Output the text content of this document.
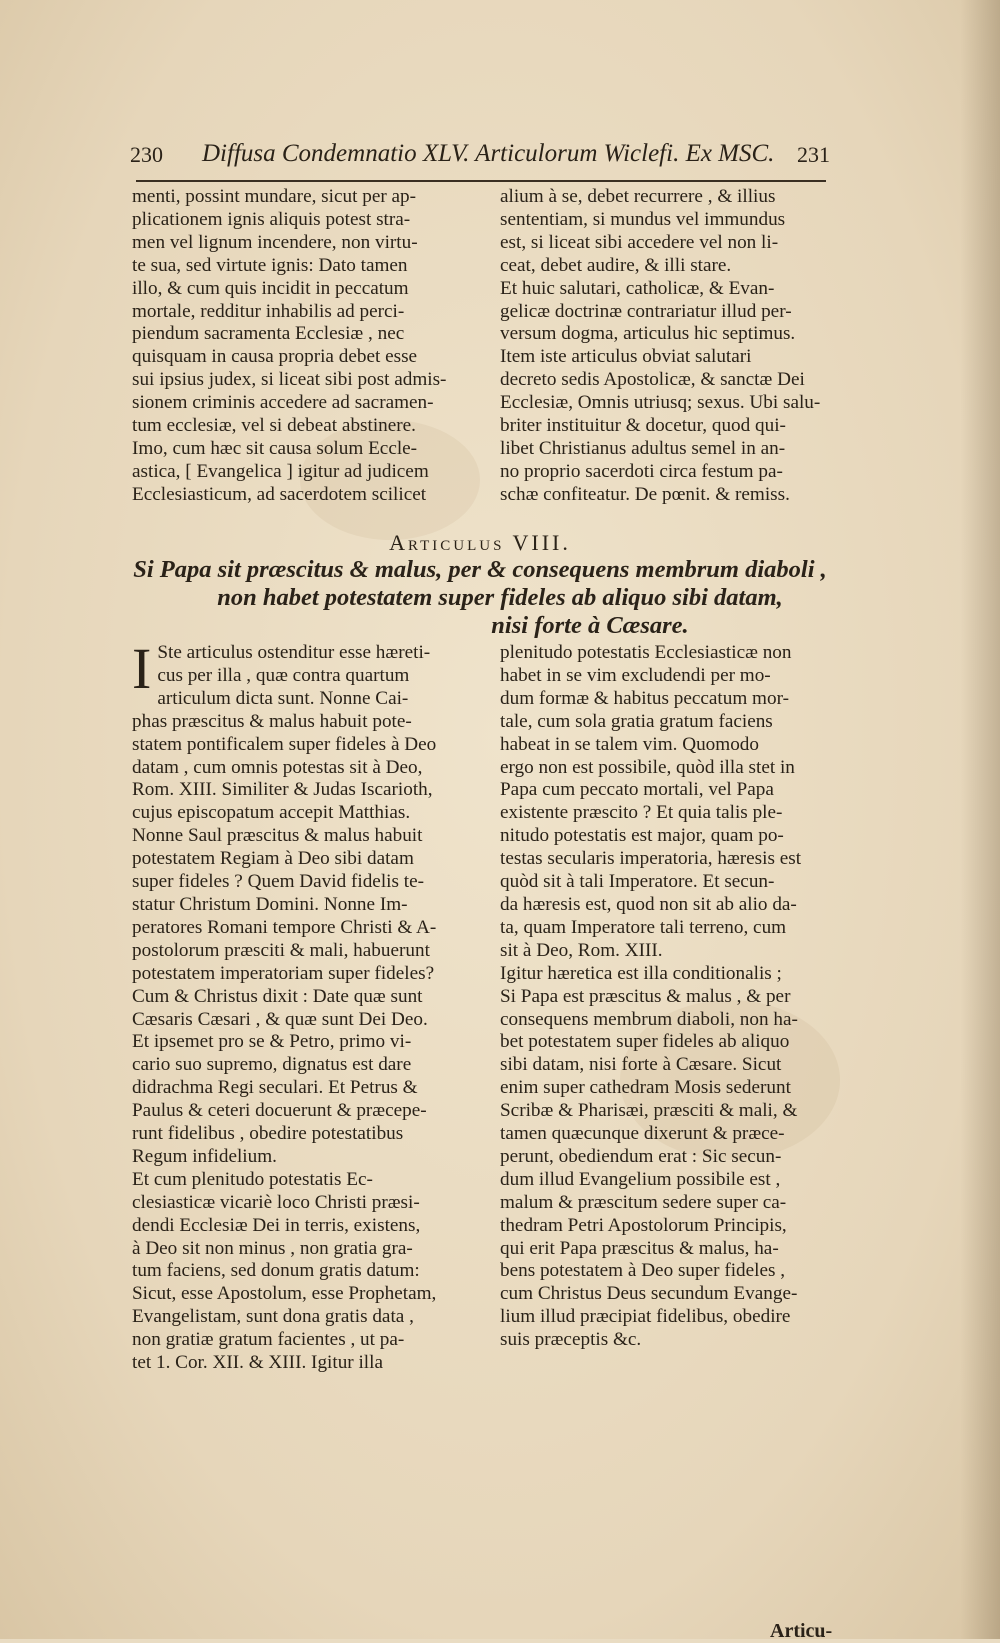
230 Diffusa Condemnatio XLV. Articulorum Wiclefi. Ex MSC. 231
menti, possint mundare, sicut per ap-
plicationem ignis aliquis potest stra-
men vel lignum incendere, non virtu-
te sua, sed virtute ignis: Dato tamen
illo, & cum quis incidit in peccatum
mortale, redditur inhabilis ad perci-
piendum sacramenta Ecclesiæ , nec
quisquam in causa propria debet esse
sui ipsius judex, si liceat sibi post admis-
sionem criminis accedere ad sacramen-
tum ecclesiæ, vel si debeat abstinere.
Imo, cum hæc sit causa solum Eccle-
astica, [ Evangelica ] igitur ad judicem
Ecclesiasticum, ad sacerdotem scilicet
alium à se, debet recurrere , & illius
sententiam, si mundus vel immundus
est, si liceat sibi accedere vel non li-
ceat, debet audire, & illi stare.
Et huic salutari, catholicæ, & Evan-
gelicæ doctrinæ contrariatur illud per-
versum dogma, articulus hic septimus.
Item iste articulus obviat salutari
decreto sedis Apostolicæ, & sanctæ Dei
Ecclesiæ, Omnis utriusq; sexus. Ubi salu-
briter instituitur & docetur, quod qui-
libet Christianus adultus semel in an-
no proprio sacerdoti circa festum pa-
schæ confiteatur. De pœnit. & remiss.
Articulus VIII.
Si Papa sit præscitus & malus, per & consequens membrum diaboli ,
non habet potestatem super fideles ab aliquo sibi datam,
nisi forte à Cæsare.
I Ste articulus ostenditur esse hæreti-
cus per illa , quæ contra quartum
articulum dicta sunt. Nonne Cai-
phas præscitus & malus habuit pote-
statem pontificalem super fideles à Deo
datam , cum omnis potestas sit à Deo,
Rom. XIII. Similiter & Judas Iscarioth,
cujus episcopatum accepit Matthias.
Nonne Saul præscitus & malus habuit
potestatem Regiam à Deo sibi datam
super fideles ? Quem David fidelis te-
statur Christum Domini. Nonne Im-
peratores Romani tempore Christi & A-
postolorum præsciti & mali, habuerunt
potestatem imperatoriam super fideles?
Cum & Christus dixit : Date quæ sunt
Cæsaris Cæsari , & quæ sunt Dei Deo.
Et ipsemet pro se & Petro, primo vi-
cario suo supremo, dignatus est dare
didrachma Regi seculari. Et Petrus &
Paulus & ceteri docuerunt & præcepe-
runt fidelibus , obedire potestatibus
Regum infidelium.
Et cum plenitudo potestatis Ec-
clesiasticæ vicariè loco Christi præsi-
dendi Ecclesiæ Dei in terris, existens,
à Deo sit non minus , non gratia gra-
tum faciens, sed donum gratis datum:
Sicut, esse Apostolum, esse Prophetam,
Evangelistam, sunt dona gratis data ,
non gratiæ gratum facientes , ut pa-
tet 1. Cor. XII. & XIII. Igitur illa
plenitudo potestatis Ecclesiasticæ non
habet in se vim excludendi per mo-
dum formæ & habitus peccatum mor-
tale, cum sola gratia gratum faciens
habeat in se talem vim. Quomodo
ergo non est possibile, quòd illa stet in
Papa cum peccato mortali, vel Papa
existente præscito ? Et quia talis ple-
nitudo potestatis est major, quam po-
testas secularis imperatoria, hæresis est
quòd sit à tali Imperatore. Et secun-
da hæresis est, quod non sit ab alio da-
ta, quam Imperatore tali terreno, cum
sit à Deo, Rom. XIII.
Igitur hæretica est illa conditionalis ;
Si Papa est præscitus & malus , & per
consequens membrum diaboli, non ha-
bet potestatem super fideles ab aliquo
sibi datam, nisi forte à Cæsare. Sicut
enim super cathedram Mosis sederunt
Scribæ & Pharisæi, præsciti & mali, &
tamen quæcunque dixerunt & præce-
perunt, obediendum erat : Sic secun-
dum illud Evangelium possibile est ,
malum & præscitum sedere super ca-
thedram Petri Apostolorum Principis,
qui erit Papa præscitus & malus, ha-
bens potestatem à Deo super fideles ,
cum Christus Deus secundum Evange-
lium illud præcipiat fidelibus, obedire
suis præceptis &c.
Articu-
